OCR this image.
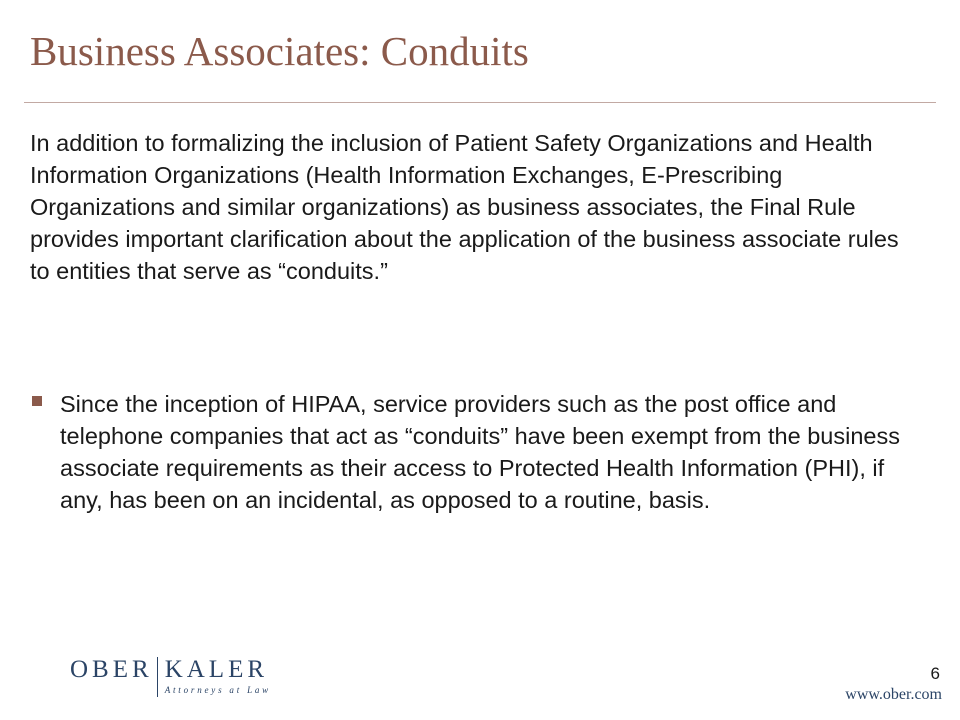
Business Associates: Conduits

In addition to formalizing the inclusion of Patient Safety Organizations and Health Information Organizations (Health Information Exchanges, E-Prescribing Organizations and similar organizations) as business associates, the Final Rule provides important clarification about the application of the business associate rules to entities that serve as “conduits.”

Since the inception of HIPAA, service providers such as the post office and telephone companies that act as “conduits” have been exempt from the business associate requirements as their access to Protected Health Information (PHI), if any, has been on an incidental, as opposed to a routine, basis.
OBER KALER
Attorneys at Law
6
www.ober.com
